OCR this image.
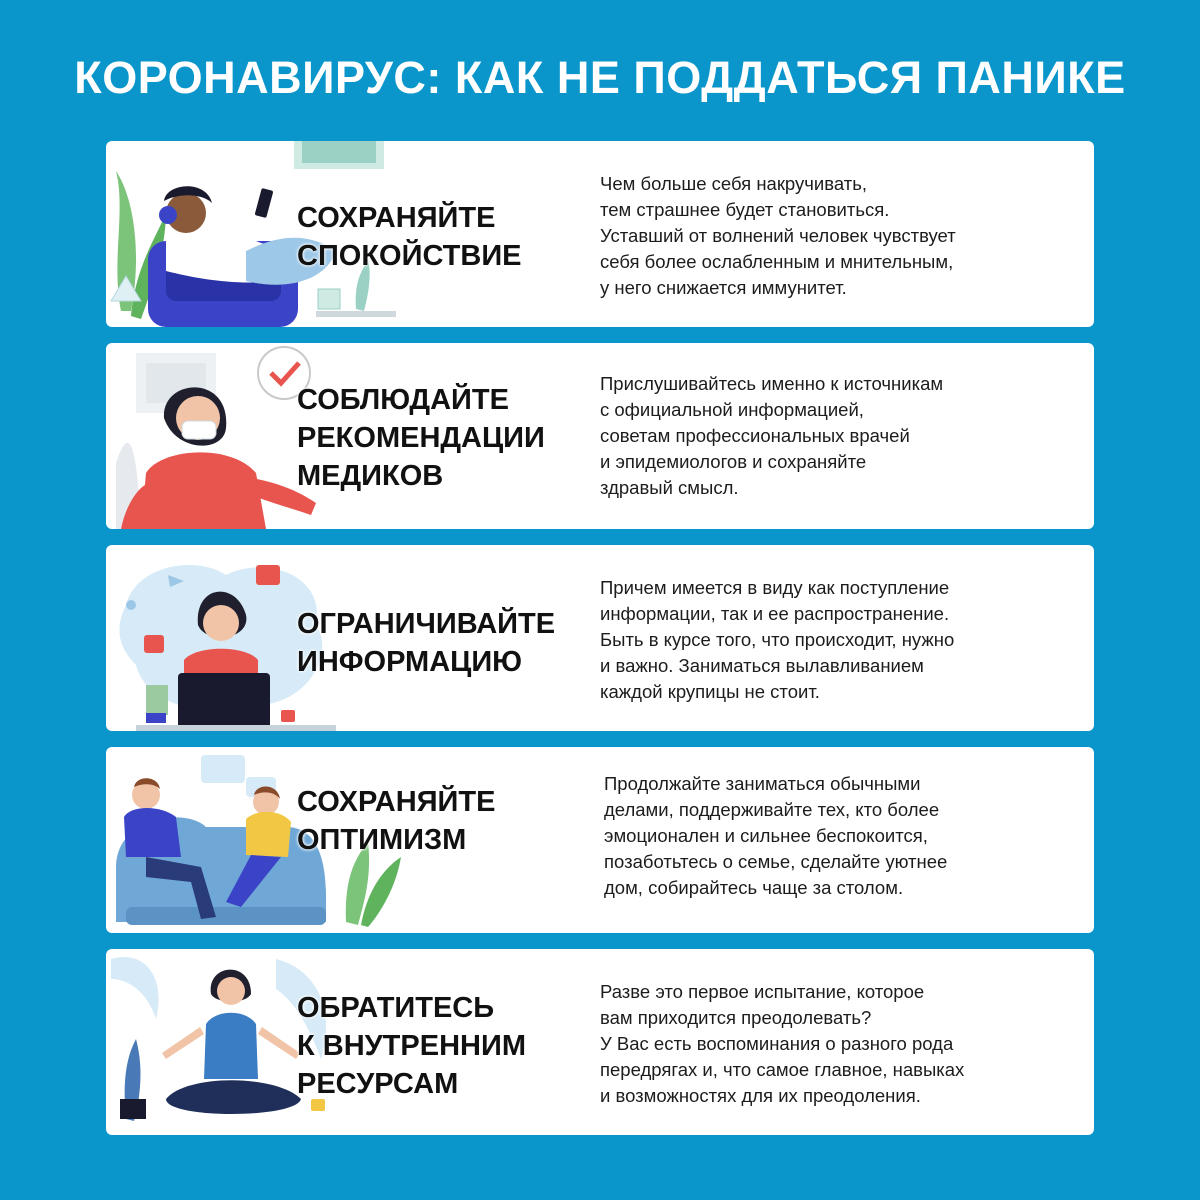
КОРОНАВИРУС: КАК НЕ ПОДДАТЬСЯ ПАНИКЕ
СОХРАНЯЙТЕ
СПОКОЙСТВИЕ
Чем больше себя накручивать,
тем страшнее будет становиться.
Уставший от волнений человек чувствует
себя более ослабленным и мнительным,
у него снижается иммунитет.
СОБЛЮДАЙТЕ
РЕКОМЕНДАЦИИ
МЕДИКОВ
Прислушивайтесь именно к источникам
с официальной информацией,
советам профессиональных врачей
и эпидемиологов и сохраняйте
здравый смысл.
ОГРАНИЧИВАЙТЕ
ИНФОРМАЦИЮ
Причем имеется в виду как поступление
информации, так и ее распространение.
Быть в курсе того, что происходит, нужно
и важно. Заниматься вылавливанием
каждой крупицы не стоит.
СОХРАНЯЙТЕ
ОПТИМИЗМ
Продолжайте заниматься обычными
делами, поддерживайте тех, кто более
эмоционален и сильнее беспокоится,
позаботьтесь о семье, сделайте уютнее
дом, собирайтесь чаще за столом.
ОБРАТИТЕСЬ
К ВНУТРЕННИМ
РЕСУРСАМ
Разве это первое испытание, которое
вам приходится преодолевать?
У Вас есть воспоминания о разного рода
передрягах и, что самое главное, навыках
и возможностях для их преодоления.
